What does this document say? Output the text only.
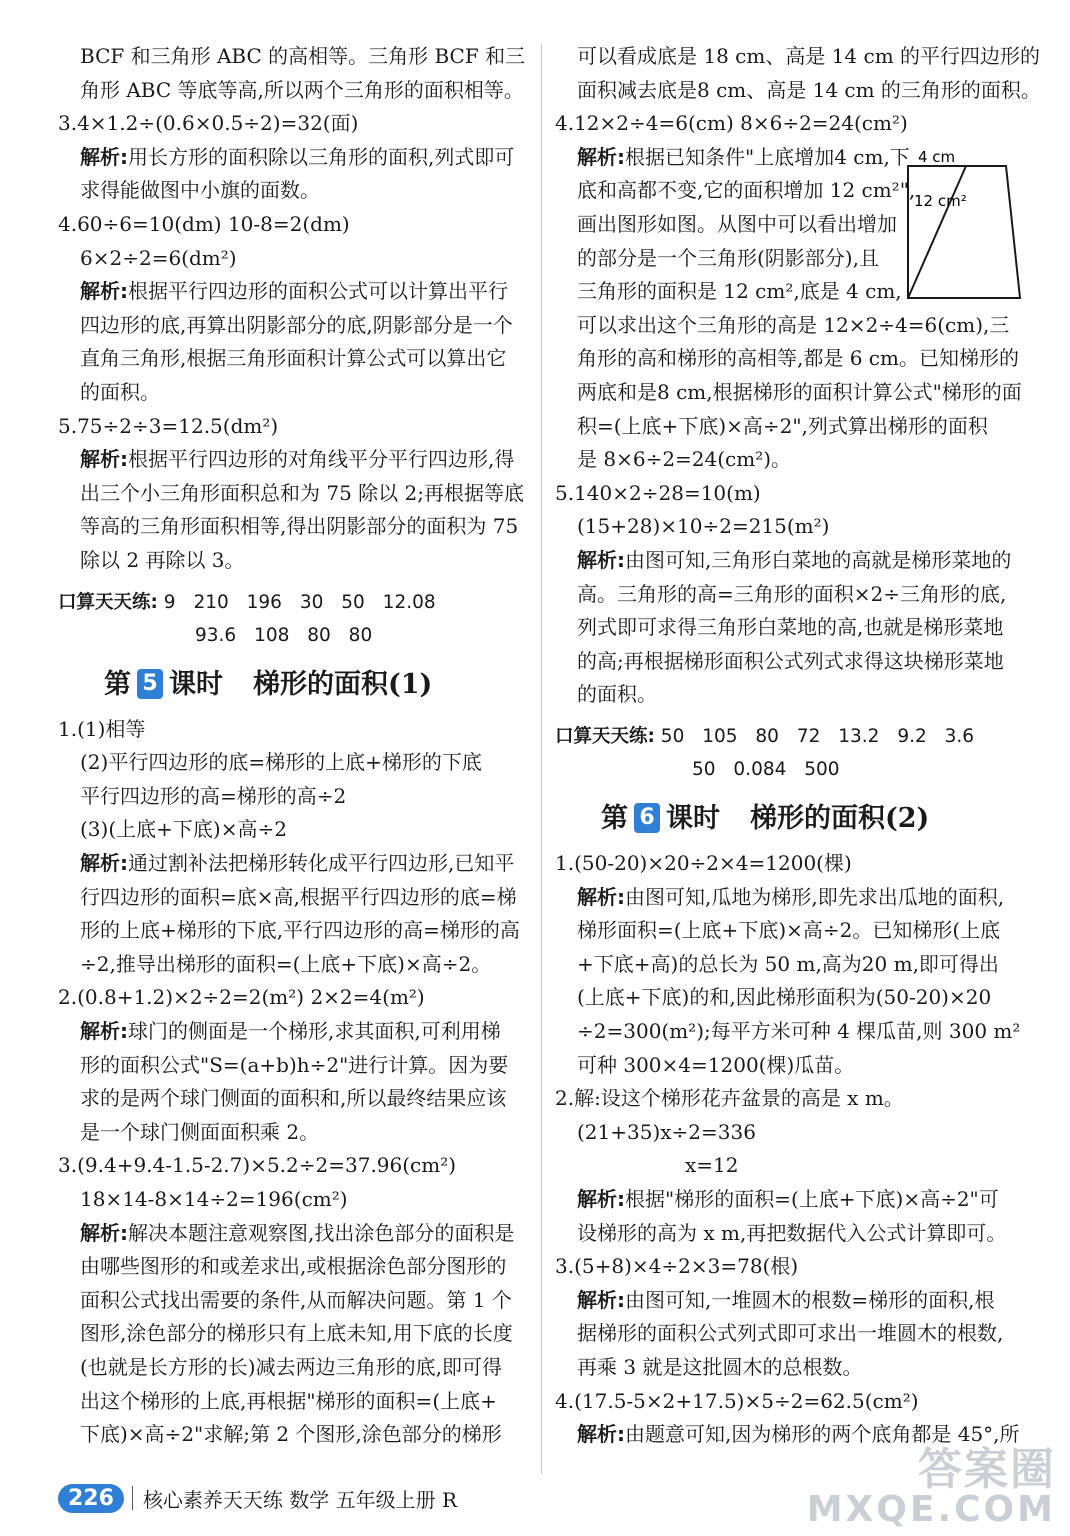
BCF 和三角形 ABC 的高相等。三角形 BCF 和三
角形 ABC 等底等高,所以两个三角形的面积相等。
3.4×1.2÷(0.6×0.5÷2)=32(面)
解析:用长方形的面积除以三角形的面积,列式即可
求得能做图中小旗的面数。
4.60÷6=10(dm) 10-8=2(dm)
6×2÷2=6(dm²)
解析:根据平行四边形的面积公式可以计算出平行
四边形的底,再算出阴影部分的底,阴影部分是一个
直角三角形,根据三角形面积计算公式可以算出它
的面积。
5.75÷2÷3=12.5(dm²)
解析:根据平行四边形的对角线平分平行四边形,得
出三个小三角形面积总和为 75 除以 2;再根据等底
等高的三角形面积相等,得出阴影部分的面积为 75
除以 2 再除以 3。
口算天天练: 9 210 196 30 50 12.08
93.6 108 80 80
第 5 课时 梯形的面积(1)
1.(1)相等
(2)平行四边形的底=梯形的上底+梯形的下底
平行四边形的高=梯形的高÷2
(3)(上底+下底)×高÷2
解析:通过割补法把梯形转化成平行四边形,已知平
行四边形的面积=底×高,根据平行四边形的底=梯
形的上底+梯形的下底,平行四边形的高=梯形的高
÷2,推导出梯形的面积=(上底+下底)×高÷2。
2.(0.8+1.2)×2÷2=2(m²) 2×2=4(m²)
解析:球门的侧面是一个梯形,求其面积,可利用梯
形的面积公式"S=(a+b)h÷2"进行计算。因为要
求的是两个球门侧面的面积和,所以最终结果应该
是一个球门侧面面积乘 2。
3.(9.4+9.4-1.5-2.7)×5.2÷2=37.96(cm²)
18×14-8×14÷2=196(cm²)
解析:解决本题注意观察图,找出涂色部分的面积是
由哪些图形的和或差求出,或根据涂色部分图形的
面积公式找出需要的条件,从而解决问题。第 1 个
图形,涂色部分的梯形只有上底未知,用下底的长度
(也就是长方形的长)减去两边三角形的底,即可得
出这个梯形的上底,再根据"梯形的面积=(上底+
下底)×高÷2"求解;第 2 个图形,涂色部分的梯形
可以看成底是 18 cm、高是 14 cm 的平行四边形的
面积减去底是8 cm、高是 14 cm 的三角形的面积。
4.12×2÷4=6(cm) 8×6÷2=24(cm²)
解析:根据已知条件"上底增加4 cm,下
底和高都不变,它的面积增加 12 cm²",
画出图形如图。从图中可以看出增加
的部分是一个三角形(阴影部分),且
三角形的面积是 12 cm²,底是 4 cm,
可以求出这个三角形的高是 12×2÷4=6(cm),三
角形的高和梯形的高相等,都是 6 cm。已知梯形的
两底和是8 cm,根据梯形的面积计算公式"梯形的面
积=(上底+下底)×高÷2",列式算出梯形的面积
是 8×6÷2=24(cm²)。
5.140×2÷28=10(m)
(15+28)×10÷2=215(m²)
解析:由图可知,三角形白菜地的高就是梯形菜地的
高。三角形的高=三角形的面积×2÷三角形的底,
列式即可求得三角形白菜地的高,也就是梯形菜地
的高;再根据梯形面积公式列式求得这块梯形菜地
的面积。
口算天天练: 50 105 80 72 13.2 9.2 3.6
50 0.084 500
第 6 课时 梯形的面积(2)
1.(50-20)×20÷2×4=1200(棵)
解析:由图可知,瓜地为梯形,即先求出瓜地的面积,
梯形面积=(上底+下底)×高÷2。已知梯形(上底
+下底+高)的总长为 50 m,高为20 m,即可得出
(上底+下底)的和,因此梯形面积为(50-20)×20
÷2=300(m²);每平方米可种 4 棵瓜苗,则 300 m²
可种 300×4=1200(棵)瓜苗。
2.解:设这个梯形花卉盆景的高是 x m。
(21+35)x÷2=336
x=12
解析:根据"梯形的面积=(上底+下底)×高÷2"可
设梯形的高为 x m,再把数据代入公式计算即可。
3.(5+8)×4÷2×3=78(根)
解析:由图可知,一堆圆木的根数=梯形的面积,根
据梯形的面积公式列式即可求出一堆圆木的根数,
再乘 3 就是这批圆木的总根数。
4.(17.5-5×2+17.5)×5÷2=62.5(cm²)
解析:由题意可知,因为梯形的两个底角都是 45°,所
4 cm
12 cm²
226	核心素养天天练 数学 五年级上册 R
答案圈
MXQE.COM
